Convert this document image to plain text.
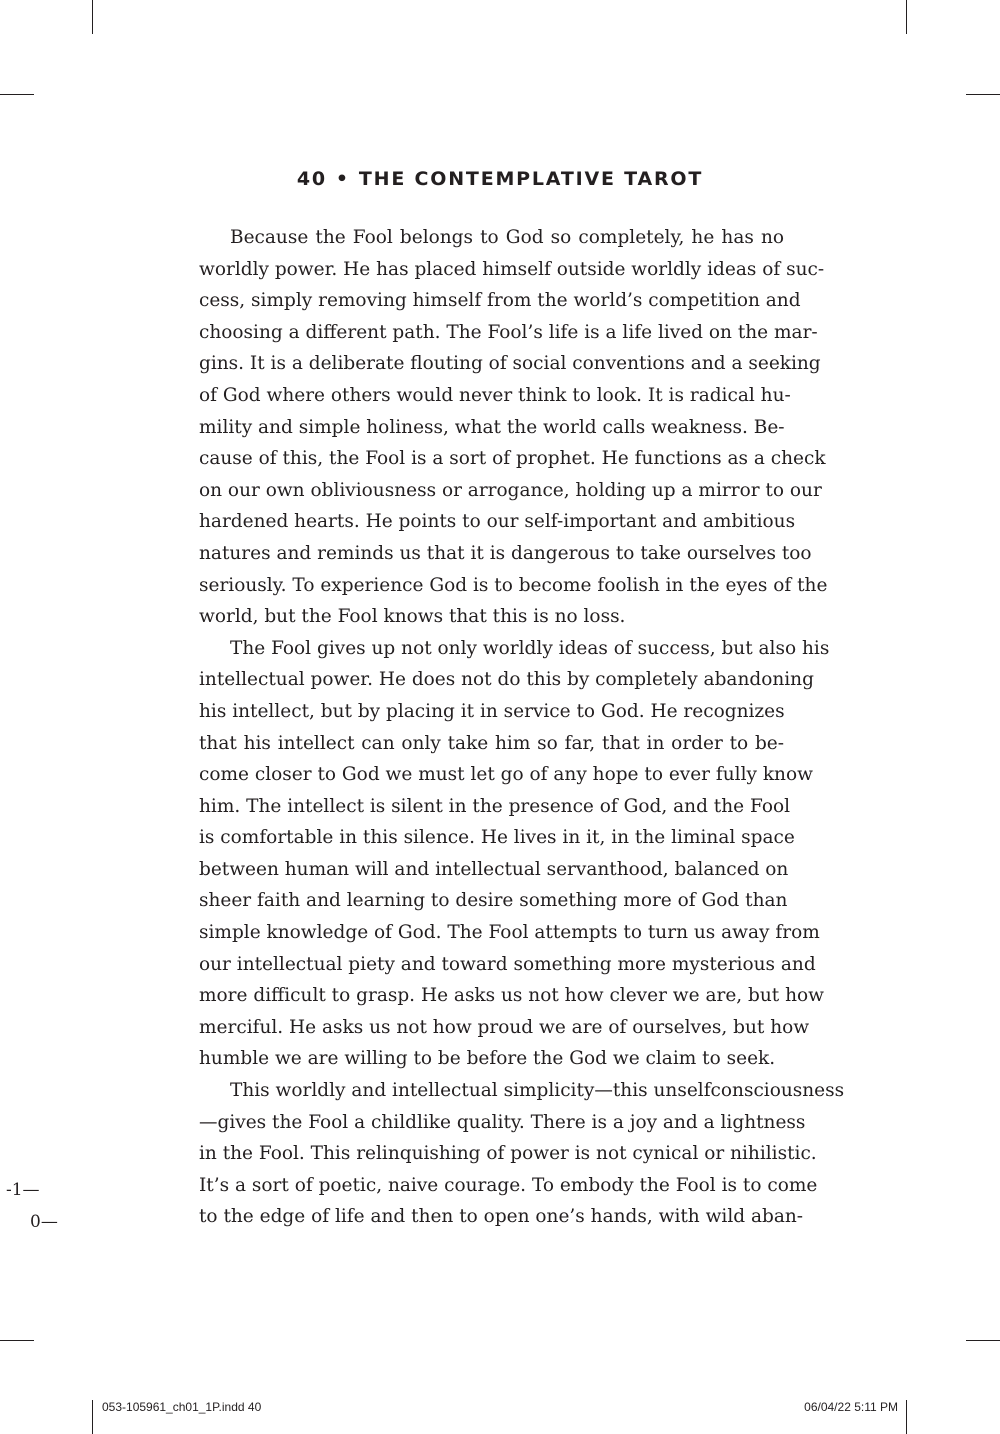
40 • THE CONTEMPLATIVE TAROT
Because the Fool belongs to God so completely, he has no
worldly power. He has placed himself outside worldly ideas of suc-
cess, simply removing himself from the world’s competition and
choosing a different path. The Fool’s life is a life lived on the mar-
gins. It is a deliberate flouting of social conventions and a seeking
of God where others would never think to look. It is radical hu-
mility and simple holiness, what the world calls weakness. Be-
cause of this, the Fool is a sort of prophet. He functions as a check
on our own obliviousness or arrogance, holding up a mirror to our
hardened hearts. He points to our self-important and ambitious
natures and reminds us that it is dangerous to take ourselves too
seriously. To experience God is to become foolish in the eyes of the
world, but the Fool knows that this is no loss.
The Fool gives up not only worldly ideas of success, but also his
intellectual power. He does not do this by completely abandoning
his intellect, but by placing it in service to God. He recognizes
that his intellect can only take him so far, that in order to be-
come closer to God we must let go of any hope to ever fully know
him. The intellect is silent in the presence of God, and the Fool
is comfortable in this silence. He lives in it, in the liminal space
between human will and intellectual servanthood, balanced on
sheer faith and learning to desire something more of God than
simple knowledge of God. The Fool attempts to turn us away from
our intellectual piety and toward something more mysterious and
more difficult to grasp. He asks us not how clever we are, but how
merciful. He asks us not how proud we are of ourselves, but how
humble we are willing to be before the God we claim to seek.
This worldly and intellectual simplicity—this unselfconsciousness
—gives the Fool a childlike quality. There is a joy and a lightness
in the Fool. This relinquishing of power is not cynical or nihilistic.
It’s a sort of poetic, naive courage. To embody the Fool is to come
to the edge of life and then to open one’s hands, with wild aban-
-1—
0—
053-105961_ch01_1P.indd 40	06/04/22 5:11 PM
